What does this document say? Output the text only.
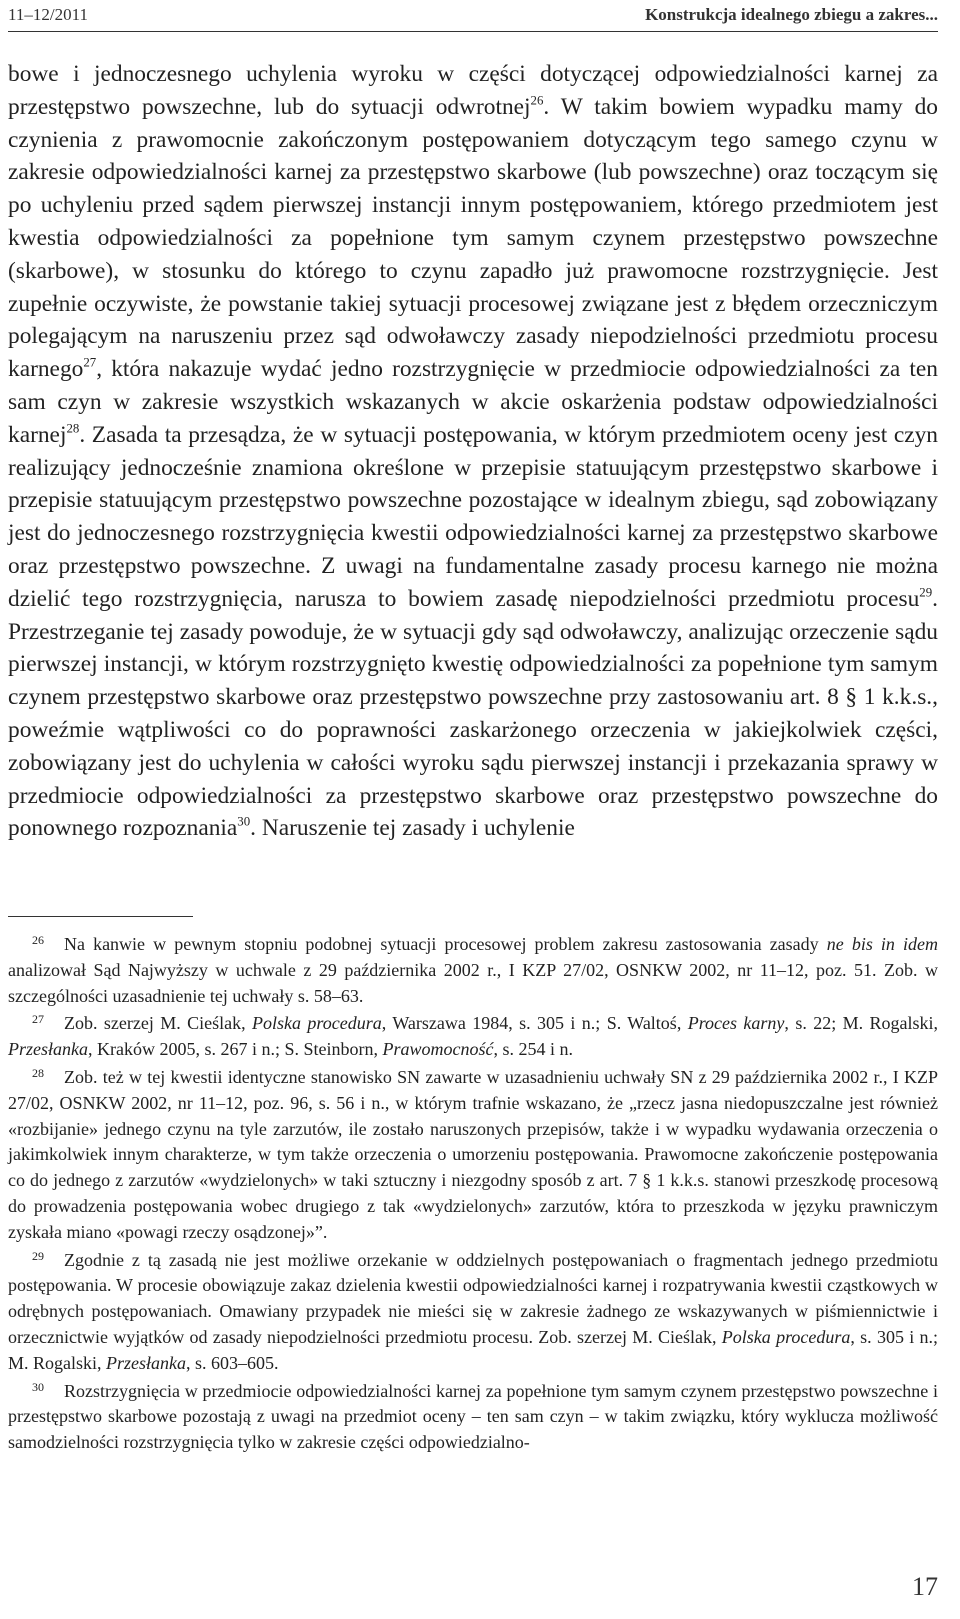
11–12/2011	Konstrukcja idealnego zbiegu a zakres...

bowe i jednoczesnego uchylenia wyroku w części dotyczącej odpowiedzialności karnej za przestępstwo powszechne, lub do sytuacji odwrotnej$^{26}$. W takim bowiem wypadku mamy do czynienia z prawomocnie zakończonym postępowaniem dotyczącym tego samego czynu w zakresie odpowiedzialności karnej za przestępstwo skarbowe (lub powszechne) oraz toczącym się po uchyleniu przed sądem pierwszej instancji innym postępowaniem, którego przedmiotem jest kwestia odpowiedzialności za popełnione tym samym czynem przestępstwo powszechne (skarbowe), w stosunku do którego to czynu zapadło już prawomocne rozstrzygnięcie. Jest zupełnie oczywiste, że powstanie takiej sytuacji procesowej związane jest z błędem orzeczniczym polegającym na naruszeniu przez sąd odwoławczy zasady niepodzielności przedmiotu procesu karnego$^{27}$, która nakazuje wydać jedno rozstrzygnięcie w przedmiocie odpowiedzialności za ten sam czyn w zakresie wszystkich wskazanych w akcie oskarżenia podstaw odpowiedzialności karnej$^{28}$. Zasada ta przesądza, że w sytuacji postępowania, w którym przedmiotem oceny jest czyn realizujący jednocześnie znamiona określone w przepisie statuującym przestępstwo skarbowe i przepisie statuującym przestępstwo powszechne pozostające w idealnym zbiegu, sąd zobowiązany jest do jednoczesnego rozstrzygnięcia kwestii odpowiedzialności karnej za przestępstwo skarbowe oraz przestępstwo powszechne. Z uwagi na fundamentalne zasady procesu karnego nie można dzielić tego rozstrzygnięcia, narusza to bowiem zasadę niepodzielności przedmiotu procesu$^{29}$. Przestrzeganie tej zasady powoduje, że w sytuacji gdy sąd odwoławczy, analizując orzeczenie sądu pierwszej instancji, w którym rozstrzygnięto kwestię odpowiedzialności za popełnione tym samym czynem przestępstwo skarbowe oraz przestępstwo powszechne przy zastosowaniu art. 8 § 1 k.k.s., poweźmie wątpliwości co do poprawności zaskarżonego orzeczenia w jakiejkolwiek części, zobowiązany jest do uchylenia w całości wyroku sądu pierwszej instancji i przekazania sprawy w przedmiocie odpowiedzialności za przestępstwo skarbowe oraz przestępstwo powszechne do ponownego rozpoznania$^{30}$. Naruszenie tej zasady i uchylenie

26 Na kanwie w pewnym stopniu podobnej sytuacji procesowej problem zakresu zastosowania zasady ne bis in idem analizował Sąd Najwyższy w uchwale z 29 października 2002 r., I KZP 27/02, OSNKW 2002, nr 11–12, poz. 51. Zob. w szczególności uzasadnienie tej uchwały s. 58–63.

27 Zob. szerzej M. Cieślak, Polska procedura, Warszawa 1984, s. 305 i n.; S. Waltoś, Proces karny, s. 22; M. Rogalski, Przesłanka, Kraków 2005, s. 267 i n.; S. Steinborn, Prawomocność, s. 254 i n.

28 Zob. też w tej kwestii identyczne stanowisko SN zawarte w uzasadnieniu uchwały SN z 29 października 2002 r., I KZP 27/02, OSNKW 2002, nr 11–12, poz. 96, s. 56 i n., w którym trafnie wskazano, że „rzecz jasna niedopuszczalne jest również «rozbijanie» jednego czynu na tyle zarzutów, ile zostało naruszonych przepisów, także i w wypadku wydawania orzeczenia o jakimkolwiek innym charakterze, w tym także orzeczenia o umorzeniu postępowania. Prawomocne zakończenie postępowania co do jednego z zarzutów «wydzielonych» w taki sztuczny i niezgodny sposób z art. 7 § 1 k.k.s. stanowi przeszkodę procesową do prowadzenia postępowania wobec drugiego z tak «wydzielonych» zarzutów, która to przeszkoda w języku prawniczym zyskała miano «powagi rzeczy osądzonej»”.

29 Zgodnie z tą zasadą nie jest możliwe orzekanie w oddzielnych postępowaniach o fragmentach jednego przedmiotu postępowania. W procesie obowiązuje zakaz dzielenia kwestii odpowiedzialności karnej i rozpatrywania kwestii cząstkowych w odrębnych postępowaniach. Omawiany przypadek nie mieści się w zakresie żadnego ze wskazywanych w piśmiennictwie i orzecznictwie wyjątków od zasady niepodzielności przedmiotu procesu. Zob. szerzej M. Cieślak, Polska procedura, s. 305 i n.; M. Rogalski, Przesłanka, s. 603–605.

30 Rozstrzygnięcia w przedmiocie odpowiedzialności karnej za popełnione tym samym czynem przestępstwo powszechne i przestępstwo skarbowe pozostają z uwagi na przedmiot oceny – ten sam czyn – w takim związku, który wyklucza możliwość samodzielności rozstrzygnięcia tylko w zakresie części odpowiedzialno-

17
